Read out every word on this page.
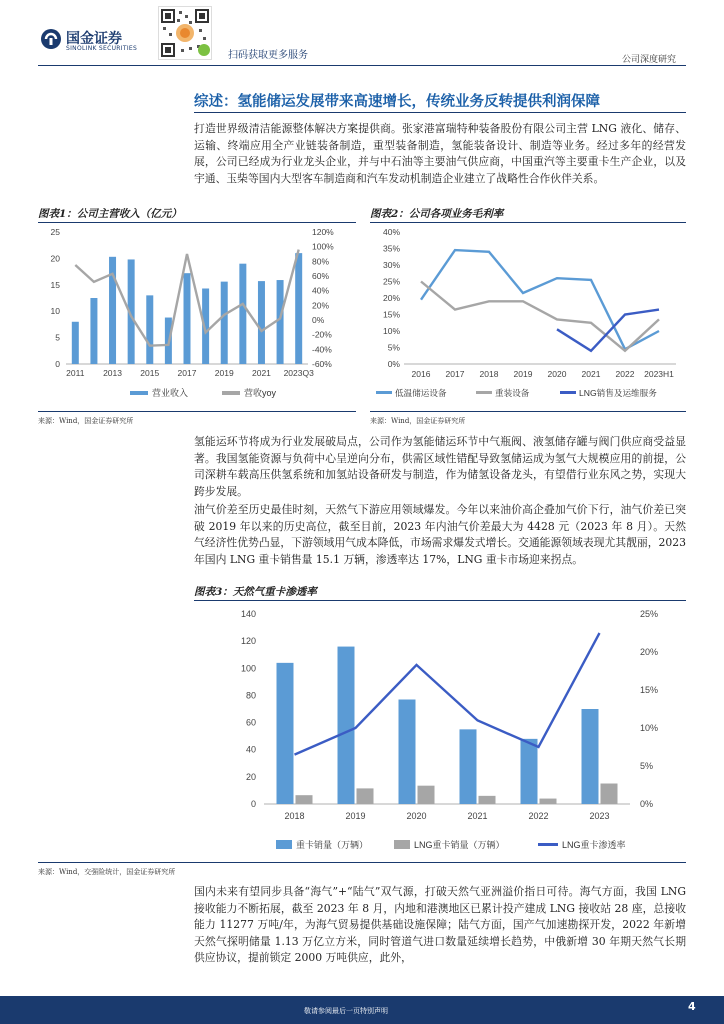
国金证券
SINOLINK SECURITIES
扫码获取更多服务	公司深度研究
综述：氢能储运发展带来高速增长，传统业务反转提供利润保障
打造世界级清洁能源整体解决方案提供商。张家港富瑞特种装备股份有限公司主营 LNG 液化、储存、运输、终端应用全产业链装备制造，重型装备制造，氢能装备设计、制造等业务。经过多年的经营发展，公司已经成为行业龙头企业，并与中石油等主要油气供应商，中国重汽等主要重卡生产企业，以及宇通、玉柴等国内大型客车制造商和汽车发动机制造企业建立了战略性合作伙伴关系。
图表1：公司主营收入（亿元）
0
5
10
15
20
25
-60%
-40%
-20%
0%
20%
40%
60%
80%
100%
120%
2011 2013 2015 2017 2019 2021 2023Q3
营业收入	营收yoy
来源：Wind，国金证券研究所
图表2：公司各项业务毛利率
0%
5%
10%
15%
20%
25%
30%
35%
40%
2016 2017 2018 2019 2020 2021 2022 2023H1
低温储运设备	重装设备	LNG销售及运维服务
来源：Wind，国金证券研究所
氢能运环节将成为行业发展破局点，公司作为氢能储运环节中气瓶阀、液氢储存罐与阀门供应商受益显著。我国氢能资源与负荷中心呈逆向分布，供需区域性错配导致氢储运成为氢气大规模应用的前提，公司深耕车载高压供氢系统和加氢站设备研发与制造，作为储氢设备龙头，有望借行业东风之势，实现大跨步发展。
油气价差至历史最佳时刻，天然气下游应用领域爆发。今年以来油价高企叠加气价下行，油气价差已突破 2019 年以来的历史高位，截至目前，2023 年内油气价差最大为 4428 元（2023 年 8 月）。天然气经济性优势凸显，下游领域用气成本降低，市场需求爆发式增长。交通能源领域表现尤其靓丽，2023 年国内 LNG 重卡销售量 15.1 万辆，渗透率达 17%，LNG 重卡市场迎来拐点。
图表3：天然气重卡渗透率
0
20
40
60
80
100
120
140
0%
5%
10%
15%
20%
25%
2018	2019	2020	2021	2022	2023
重卡销量（万辆）	LNG重卡销量（万辆）	LNG重卡渗透率
来源：Wind，交强险统计，国金证券研究所
国内未来有望同步具备“海气”+“陆气”双气源，打破天然气亚洲溢价指日可待。海气方面，我国 LNG 接收能力不断拓展，截至 2023 年 8 月，内地和港澳地区已累计投产建成 LNG 接收站 28 座，总接收能力 11277 万吨/年，为海气贸易提供基础设施保障；陆气方面，国产气加速勘探开发，2022 年新增天然气探明储量 1.13 万亿立方米，同时管道气进口数量延续增长趋势，中俄新增 30 年期天然气长期供应协议，提前锁定 2000 万吨供应，此外，
敬请参阅最后一页特别声明	4
